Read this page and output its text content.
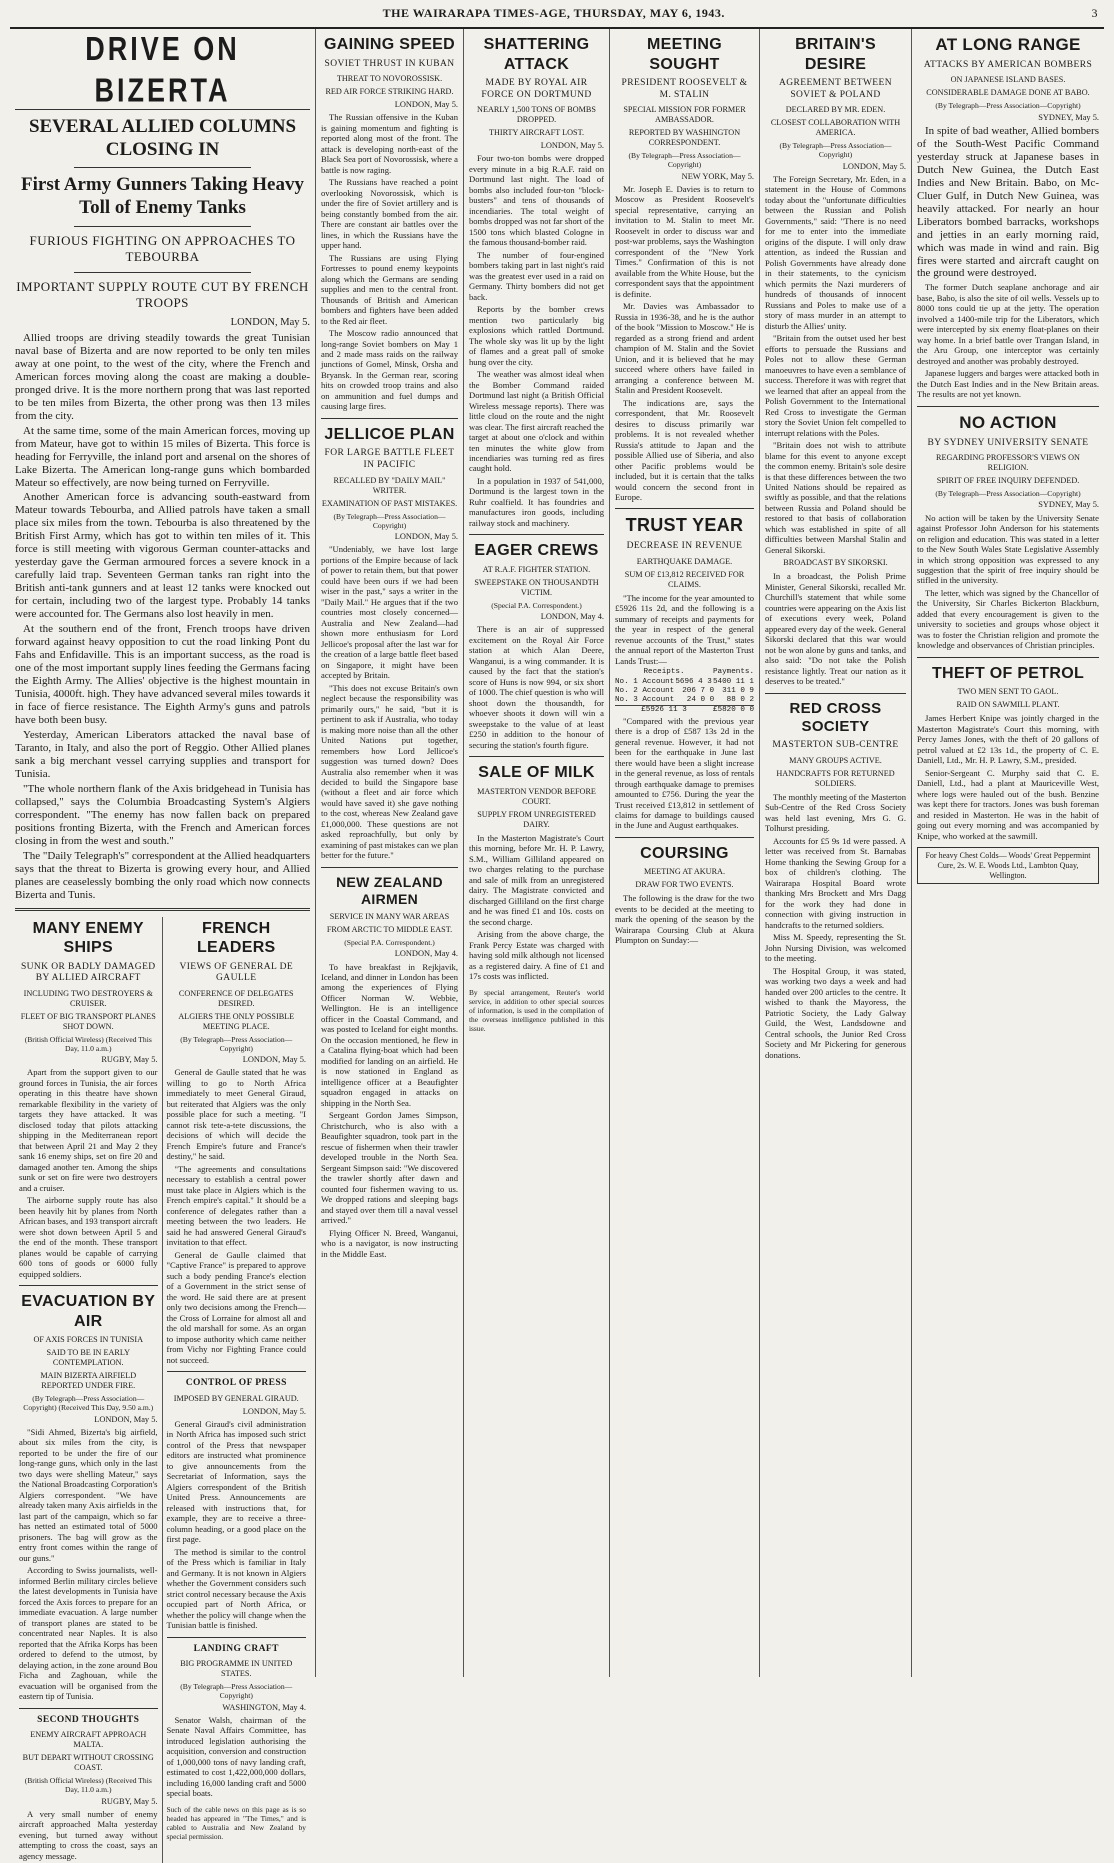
THE WAIRARAPA TIMES-AGE, THURSDAY, MAY 6, 1943.	3
DRIVE ON BIZERTA
SEVERAL ALLIED COLUMNS CLOSING IN
First Army Gunners Taking Heavy Toll of Enemy Tanks
FURIOUS FIGHTING ON APPROACHES TO TEBOURBA
IMPORTANT SUPPLY ROUTE CUT BY FRENCH TROOPS
LONDON, May 5.

Allied troops are driving steadily towards the great Tunisian naval base of Bizerta and are now reported to be only ten miles away at one point, to the west of the city, where the French and American forces moving along the coast are making a double-pronged drive. It is the more northern prong that was last reported to be ten miles from Bizerta, the other prong was then 13 miles from the city.

At the same time, some of the main American forces, moving up from Mateur, have got to within 15 miles of Bizerta. This force is heading for Ferryville, the inland port and arsenal on the shores of Lake Bizerta. The American long-range guns which bombarded Mateur so effectively, are now being turned on Ferryville.

Another American force is advancing south-eastward from Mateur towards Tebourba, and Allied patrols have taken a small place six miles from the town. Tebourba is also threatened by the British First Army, which has got to within ten miles of it. This force is still meeting with vigorous German counter-attacks and yesterday gave the German armoured forces a severe knock in a carefully laid trap. Seventeen German tanks ran right into the British anti-tank gunners and at least 12 tanks were knocked out for certain, including two of the largest type. Probably 14 tanks were accounted for. The Germans also lost heavily in men.

At the southern end of the front, French troops have driven forward against heavy opposition to cut the road linking Pont du Fahs and Enfidaville. This is an important success, as the road is one of the most important supply lines feeding the Germans facing the Eighth Army. The Allies' objective is the highest mountain in Tunisia, 4000ft. high. They have advanced several miles towards it in face of fierce resistance. The Eighth Army's guns and patrols have both been busy.

Yesterday, American Liberators attacked the naval base of Taranto, in Italy, and also the port of Reggio. Other Allied planes sank a big merchant vessel carrying supplies and transport for Tunisia.

"The whole northern flank of the Axis bridgehead in Tunisia has collapsed," says the Columbia Broadcasting System's Algiers correspondent. "The enemy has now fallen back on prepared positions fronting Bizerta, with the French and American forces closing in from the west and south."

The "Daily Telegraph's" correspondent at the Allied headquarters says that the threat to Bizerta is growing every hour, and Allied planes are ceaselessly bombing the only road which now connects Bizerta and Tunis.

MANY ENEMY SHIPS
SUNK OR BADLY DAMAGED BY ALLIED AIRCRAFT
INCLUDING TWO DESTROYERS & CRUISER.
FLEET OF BIG TRANSPORT PLANES SHOT DOWN.
(British Official Wireless) (Received This Day, 11.0 a.m.)
RUGBY, May 5.

Apart from the support given to our ground forces in Tunisia, the air forces operating in this theatre have shown remarkable flexibility in the variety of targets they have attacked. It was disclosed today that pilots attacking shipping in the Mediterranean report that between April 21 and May 2 they sank 16 enemy ships, set on fire 20 and damaged another ten. Among the ships sunk or set on fire were two destroyers and a cruiser.

The airborne supply route has also been heavily hit by planes from North African bases, and 193 transport aircraft were shot down between April 5 and the end of the month. These transport planes would be capable of carrying 600 tons of goods or 6000 fully equipped soldiers.

EVACUATION BY AIR
OF AXIS FORCES IN TUNISIA
SAID TO BE IN EARLY CONTEMPLATION.
MAIN BIZERTA AIRFIELD REPORTED UNDER FIRE.
(By Telegraph—Press Association—Copyright) (Received This Day, 9.50 a.m.)
LONDON, May 5.

"Sidi Ahmed, Bizerta's big airfield, about six miles from the city, is reported to be under the fire of our long-range guns, which only in the last two days were shelling Mateur," says the National Broadcasting Corporation's Algiers correspondent. "We have already taken many Axis airfields in the last part of the campaign, which so far has netted an estimated total of 5000 prisoners. The bag will grow as the entry front comes within the range of our guns."

According to Swiss journalists, well-informed Berlin military circles believe the latest developments in Tunisia have forced the Axis forces to prepare for an immediate evacuation. A large number of transport planes are stated to be concentrated near Naples. It is also reported that the Afrika Korps has been ordered to defend to the utmost, by delaying action, in the zone around Bou Ficha and Zaghouan, while the evacuation will be organised from the eastern tip of Tunisia.

SECOND THOUGHTS
ENEMY AIRCRAFT APPROACH MALTA.
BUT DEPART WITHOUT CROSSING COAST.
(British Official Wireless) (Received This Day, 11.0 a.m.)
RUGBY, May 5.

A very small number of enemy aircraft approached Malta yesterday evening, but turned away without attempting to cross the coast, says an agency message.

FRENCH LEADERS
VIEWS OF GENERAL DE GAULLE
CONFERENCE OF DELEGATES DESIRED.
ALGIERS THE ONLY POSSIBLE MEETING PLACE.
(By Telegraph—Press Association—Copyright)
LONDON, May 5.

General de Gaulle stated that he was willing to go to North Africa immediately to meet General Giraud, but reiterated that Algiers was the only possible place for such a meeting. "I cannot risk tete-a-tete discussions, the decisions of which will decide the French Empire's future and France's destiny," he said.

"The agreements and consultations necessary to establish a central power must take place in Algiers which is the French empire's capital." It should be a conference of delegates rather than a meeting between the two leaders. He said he had answered General Giraud's invitation to that effect.

General de Gaulle claimed that "Captive France" is prepared to approve such a body pending France's election of a Government in the strict sense of the word. He said there are at present only two decisions among the French—the Cross of Lorraine for almost all and the old marshall for some. As an organ to impose authority which came neither from Vichy nor Fighting France could not succeed.

CONTROL OF PRESS
IMPOSED BY GENERAL GIRAUD.
LONDON, May 5.

General Giraud's civil administration in North Africa has imposed such strict control of the Press that newspaper editors are instructed what prominence to give announcements from the Secretariat of Information, says the Algiers correspondent of the British United Press. Announcements are released with instructions that, for example, they are to receive a three-column heading, or a good place on the first page.

The method is similar to the control of the Press which is familiar in Italy and Germany. It is not known in Algiers whether the Government considers such strict control necessary because the Axis occupied part of North Africa, or whether the policy will change when the Tunisian battle is finished.

LANDING CRAFT
BIG PROGRAMME IN UNITED STATES.
(By Telegraph—Press Association—Copyright)
WASHINGTON, May 4.

Senator Walsh, chairman of the Senate Naval Affairs Committee, has introduced legislation authorising the acquisition, conversion and construction of 1,000,000 tons of navy landing craft, estimated to cost 1,422,000,000 dollars, including 16,000 landing craft and 5000 special boats.

Such of the cable news on this page as is so headed has appeared in "The Times," and is cabled to Australia and New Zealand by special permission.
GAINING SPEED
SOVIET THRUST IN KUBAN
THREAT TO NOVOROSSISK.
RED AIR FORCE STRIKING HARD.
LONDON, May 5.

The Russian offensive in the Kuban is gaining momentum and fighting is reported along most of the front. The attack is developing north-east of the Black Sea port of Novorossisk, where a battle is now raging.

The Russians have reached a point overlooking Novorossisk, which is under the fire of Soviet artillery and is being constantly bombed from the air. There are constant air battles over the lines, in which the Russians have the upper hand.

The Russians are using Flying Fortresses to pound enemy keypoints along which the Germans are sending supplies and men to the central front. Thousands of British and American bombers and fighters have been added to the Red air fleet.

The Moscow radio announced that long-range Soviet bombers on May 1 and 2 made mass raids on the railway junctions of Gomel, Minsk, Orsha and Bryansk. In the German rear, scoring hits on crowded troop trains and also on ammunition and fuel dumps and causing large fires.

JELLICOE PLAN
FOR LARGE BATTLE FLEET IN PACIFIC
RECALLED BY "DAILY MAIL" WRITER.
EXAMINATION OF PAST MISTAKES.
(By Telegraph—Press Association—Copyright)
LONDON, May 5.

"Undeniably, we have lost large portions of the Empire because of lack of power to retain them, but that power could have been ours if we had been wiser in the past," says a writer in the "Daily Mail." He argues that if the two countries most closely concerned—Australia and New Zealand—had shown more enthusiasm for Lord Jellicoe's proposal after the last war for the creation of a large battle fleet based on Singapore, it might have been accepted by Britain.

"This does not excuse Britain's own neglect because the responsibility was primarily ours," he said, "but it is pertinent to ask if Australia, who today is making more noise than all the other United Nations put together, remembers how Lord Jellicoe's suggestion was turned down? Does Australia also remember when it was decided to build the Singapore base (without a fleet and air force which would have saved it) she gave nothing to the cost, whereas New Zealand gave £1,000,000. These questions are not asked reproachfully, but only by examining of past mistakes can we plan better for the future."

NEW ZEALAND AIRMEN
SERVICE IN MANY WAR AREAS
FROM ARCTIC TO MIDDLE EAST.
(Special P.A. Correspondent.)
LONDON, May 4.

To have breakfast in Rejkjavik, Iceland, and dinner in London has been among the experiences of Flying Officer Norman W. Webbie, Wellington. He is an intelligence officer in the Coastal Command, and was posted to Iceland for eight months. On the occasion mentioned, he flew in a Catalina flying-boat which had been modified for landing on an airfield. He is now stationed in England as intelligence officer at a Beaufighter squadron engaged in attacks on shipping in the North Sea.

Sergeant Gordon James Simpson, Christchurch, who is also with a Beaufighter squadron, took part in the rescue of fishermen when their trawler developed trouble in the North Sea. Sergeant Simpson said: "We discovered the trawler shortly after dawn and counted four fishermen waving to us. We dropped rations and sleeping bags and stayed over them till a naval vessel arrived."

Flying Officer N. Breed, Wanganui, who is a navigator, is now instructing in the Middle East.

SHATTERING ATTACK
MADE BY ROYAL AIR FORCE ON DORTMUND
NEARLY 1,500 TONS OF BOMBS DROPPED.
THIRTY AIRCRAFT LOST.
LONDON, May 5.

Four two-ton bombs were dropped every minute in a big R.A.F. raid on Dortmund last night. The load of bombs also included four-ton "block-busters" and tens of thousands of incendiaries. The total weight of bombs dropped was not far short of the 1500 tons which blasted Cologne in the famous thousand-bomber raid.

The number of four-engined bombers taking part in last night's raid was the greatest ever used in a raid on Germany. Thirty bombers did not get back.

Reports by the bomber crews mention two particularly big explosions which rattled Dortmund. The whole sky was lit up by the light of flames and a great pall of smoke hung over the city.

The weather was almost ideal when the Bomber Command raided Dortmund last night (a British Official Wireless message reports). There was little cloud on the route and the night was clear. The first aircraft reached the target at about one o'clock and within ten minutes the white glow from incendiaries was turning red as fires caught hold.

In a population in 1937 of 541,000, Dortmund is the largest town in the Ruhr coalfield. It has foundries and manufactures iron goods, including railway stock and machinery.

EAGER CREWS
AT R.A.F. FIGHTER STATION.
SWEEPSTAKE ON THOUSANDTH VICTIM.
(Special P.A. Correspondent.)
LONDON, May 4.

There is an air of suppressed excitement on the Royal Air Force station at which Alan Deere, Wanganui, is a wing commander. It is caused by the fact that the station's score of Huns is now 994, or six short of 1000. The chief question is who will shoot down the thousandth, for whoever shoots it down will win a sweepstake to the value of at least £250 in addition to the honour of securing the station's fourth figure.

SALE OF MILK
MASTERTON VENDOR BEFORE COURT.
SUPPLY FROM UNREGISTERED DAIRY.

In the Masterton Magistrate's Court this morning, before Mr. H. P. Lawry, S.M., William Gilliland appeared on two charges relating to the purchase and sale of milk from an unregistered dairy. The Magistrate convicted and discharged Gilliland on the first charge and he was fined £1 and 10s. costs on the second charge.

Arising from the above charge, the Frank Percy Estate was charged with having sold milk although not licensed as a registered dairy. A fine of £1 and 17s costs was inflicted.

By special arrangement, Reuter's world service, in addition to other special sources of information, is used in the compilation of the overseas intelligence published in this issue.
MEETING SOUGHT
PRESIDENT ROOSEVELT & M. STALIN
SPECIAL MISSION FOR FORMER AMBASSADOR.
REPORTED BY WASHINGTON CORRESPONDENT.
(By Telegraph—Press Association—Copyright)
NEW YORK, May 5.

Mr. Joseph E. Davies is to return to Moscow as President Roosevelt's special representative, carrying an invitation to M. Stalin to meet Mr. Roosevelt in order to discuss war and post-war problems, says the Washington correspondent of the "New York Times." Confirmation of this is not available from the White House, but the correspondent says that the appointment is definite.

Mr. Davies was Ambassador to Russia in 1936-38, and he is the author of the book "Mission to Moscow." He is regarded as a strong friend and ardent champion of M. Stalin and the Soviet Union, and it is believed that he may succeed where others have failed in arranging a conference between M. Stalin and President Roosevelt.

The indications are, says the correspondent, that Mr. Roosevelt desires to discuss primarily war problems. It is not revealed whether Russia's attitude to Japan and the possible Allied use of Siberia, and also other Pacific problems would be included, but it is certain that the talks would concern the second front in Europe.

TRUST YEAR
DECREASE IN REVENUE
EARTHQUAKE DAMAGE.
SUM OF £13,812 RECEIVED FOR CLAIMS.

"The income for the year amounted to £5926 11s 2d, and the following is a summary of receipts and payments for the year in respect of the general revenue accounts of the Trust," states the annual report of the Masterton Trust Lands Trust:—

Receipts.	Payments.
No. 1 Account 5696 4 3 5400 11 1
No. 2 Account 206 7 0 311 0 9
No. 3 Account 24 0 0 88 0 2
£5926 11 3	£5820 0 0

"Compared with the previous year there is a drop of £587 13s 2d in the general revenue. However, it had not been for the earthquake in June last there would have been a slight increase in the general revenue, as loss of rentals through earthquake damage to premises amounted to £756. During the year the Trust received £13,812 in settlement of claims for damage to buildings caused in the June and August earthquakes.

COURSING
MEETING AT AKURA.
DRAW FOR TWO EVENTS.

The following is the draw for the two events to be decided at the meeting to mark the opening of the season by the Wairarapa Coursing Club at Akura Plumpton on Sunday:—

BRITAIN'S DESIRE
AGREEMENT BETWEEN SOVIET & POLAND
DECLARED BY MR. EDEN.
CLOSEST COLLABORATION WITH AMERICA.
(By Telegraph—Press Association—Copyright)
LONDON, May 5.

The Foreign Secretary, Mr. Eden, in a statement in the House of Commons today about the "unfortunate difficulties between the Russian and Polish Governments," said: "There is no need for me to enter into the immediate origins of the dispute. I will only draw attention, as indeed the Russian and Polish Governments have already done in their statements, to the cynicism which permits the Nazi murderers of hundreds of thousands of innocent Russians and Poles to make use of a story of mass murder in an attempt to disturb the Allies' unity.

"Britain from the outset used her best efforts to persuade the Russians and Poles not to allow these German manoeuvres to have even a semblance of success. Therefore it was with regret that we learned that after an appeal from the Polish Government to the International Red Cross to investigate the German story the Soviet Union felt compelled to interrupt relations with the Poles.

"Britain does not wish to attribute blame for this event to anyone except the common enemy. Britain's sole desire is that these differences between the two United Nations should be repaired as swiftly as possible, and that the relations between Russia and Poland should be restored to that basis of collaboration which was established in spite of all difficulties between Marshal Stalin and General Sikorski.

BROADCAST BY SIKORSKI.

In a broadcast, the Polish Prime Minister, General Sikorski, recalled Mr. Churchill's statement that while some countries were appearing on the Axis list of executions every week, Poland appeared every day of the week. General Sikorski declared that this war would not be won alone by guns and tanks, and also said: "Do not take the Polish resistance lightly. Treat our nation as it deserves to be treated."

RED CROSS SOCIETY
MASTERTON SUB-CENTRE
MANY GROUPS ACTIVE.
HANDCRAFTS FOR RETURNED SOLDIERS.

The monthly meeting of the Masterton Sub-Centre of the Red Cross Society was held last evening, Mrs G. G. Tolhurst presiding.

Accounts for £5 9s 1d were passed. A letter was received from St. Barnabas Home thanking the Sewing Group for a box of children's clothing. The Wairarapa Hospital Board wrote thanking Mrs Brockett and Mrs Dagg for the work they had done in connection with giving instruction in handcrafts to the returned soldiers.

Miss M. Speedy, representing the St. John Nursing Division, was welcomed to the meeting.

The Hospital Group, it was stated, was working two days a week and had handed over 200 articles to the centre. It wished to thank the Mayoress, the Patriotic Society, the Lady Galway Guild, the West, Landsdowne and Central schools, the Junior Red Cross Society and Mr Pickering for generous donations.

AT LONG RANGE
ATTACKS BY AMERICAN BOMBERS
ON JAPANESE ISLAND BASES.
CONSIDERABLE DAMAGE DONE AT BABO.
(By Telegraph—Press Association—Copyright)
SYDNEY, May 5.

In spite of bad weather, Allied bombers of the South-West Pacific Command yesterday struck at Japanese bases in Dutch New Guinea, the Dutch East Indies and New Britain. Babo, on Mc-Cluer Gulf, in Dutch New Guinea, was heavily attacked. For nearly an hour Liberators bombed barracks, workshops and jetties in an early morning raid, which was made in wind and rain. Big fires were started and aircraft caught on the ground were destroyed.

The former Dutch seaplane anchorage and air base, Babo, is also the site of oil wells. Vessels up to 8000 tons could tie up at the jetty. The operation involved a 1400-mile trip for the Liberators, which were intercepted by six enemy float-planes on their way home. In a brief battle over Trangan Island, in the Aru Group, one interceptor was certainly destroyed and another was probably destroyed.

Japanese luggers and barges were attacked both in the Dutch East Indies and in the New Britain areas. The results are not yet known.

NO ACTION
BY SYDNEY UNIVERSITY SENATE
REGARDING PROFESSOR'S VIEWS ON RELIGION.
SPIRIT OF FREE INQUIRY DEFENDED.
(By Telegraph—Press Association—Copyright)
SYDNEY, May 5.

No action will be taken by the University Senate against Professor John Anderson for his statements on religion and education. This was stated in a letter to the New South Wales State Legislative Assembly in which strong opposition was expressed to any suggestion that the spirit of free inquiry should be stifled in the university.

The letter, which was signed by the Chancellor of the University, Sir Charles Bickerton Blackburn, added that every encouragement is given to the university to societies and groups whose object it was to foster the Christian religion and promote the knowledge and observances of Christian principles.

THEFT OF PETROL
TWO MEN SENT TO GAOL.
RAID ON SAWMILL PLANT.

James Herbert Knipe was jointly charged in the Masterton Magistrate's Court this morning, with Percy James Jones, with the theft of 20 gallons of petrol valued at £2 13s 1d., the property of C. E. Daniell, Ltd., Mr. H. P. Lawry, S.M., presided.

Senior-Sergeant C. Murphy said that C. E. Daniell, Ltd., had a plant at Mauriceville West, where logs were hauled out of the bush. Benzine was kept there for tractors. Jones was bush foreman and resided in Masterton. He was in the habit of going out every morning and was accompanied by Knipe, who worked at the sawmill.

For heavy Chest Colds— Woods' Great Peppermint Cure, 2s. W. E. Woods Ltd., Lambton Quay, Wellington.
